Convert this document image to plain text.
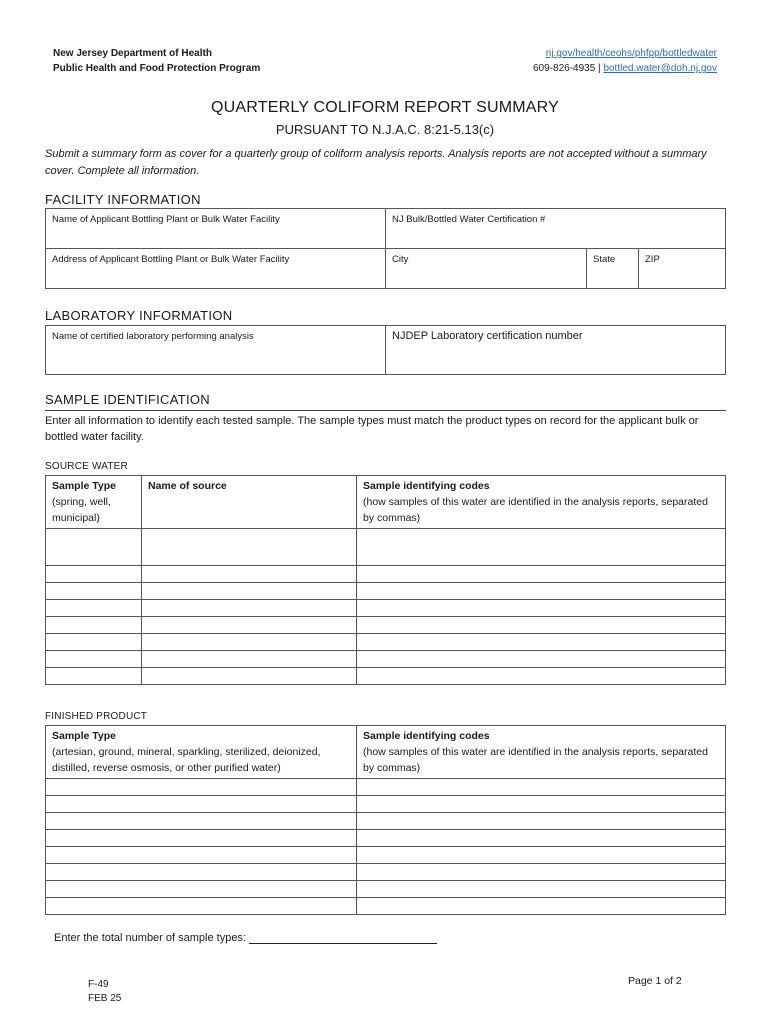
New Jersey Department of Health
Public Health and Food Protection Program
nj.gov/health/ceohs/phfpp/bottledwater
609-826-4935 | bottled.water@doh.nj.gov
QUARTERLY COLIFORM REPORT SUMMARY
PURSUANT TO N.J.A.C. 8:21-5.13(c)
Submit a summary form as cover for a quarterly group of coliform analysis reports. Analysis reports are not accepted without a summary cover. Complete all information.
FACILITY INFORMATION
Name of Applicant Bottling Plant or Bulk Water Facility	NJ Bulk/Bottled Water Certification #		
Address of Applicant Bottling Plant or Bulk Water Facility	City	State	ZIP
LABORATORY INFORMATION
Name of certified laboratory performing analysis	NJDEP Laboratory certification number
SAMPLE IDENTIFICATION
Enter all information to identify each tested sample. The sample types must match the product types on record for the applicant bulk or bottled water facility.
SOURCE WATER
Sample Type
(spring, well, municipal)	Name of source	Sample identifying codes
(how samples of this water are identified in the analysis reports, separated by commas)

FINISHED PRODUCT
Sample Type
(artesian, ground, mineral, sparkling, sterilized, deionized, distilled, reverse osmosis, or other purified water)	Sample identifying codes
(how samples of this water are identified in the analysis reports, separated by commas)

Enter the total number of sample types:
F-49
FEB 25
Page 1 of 2
